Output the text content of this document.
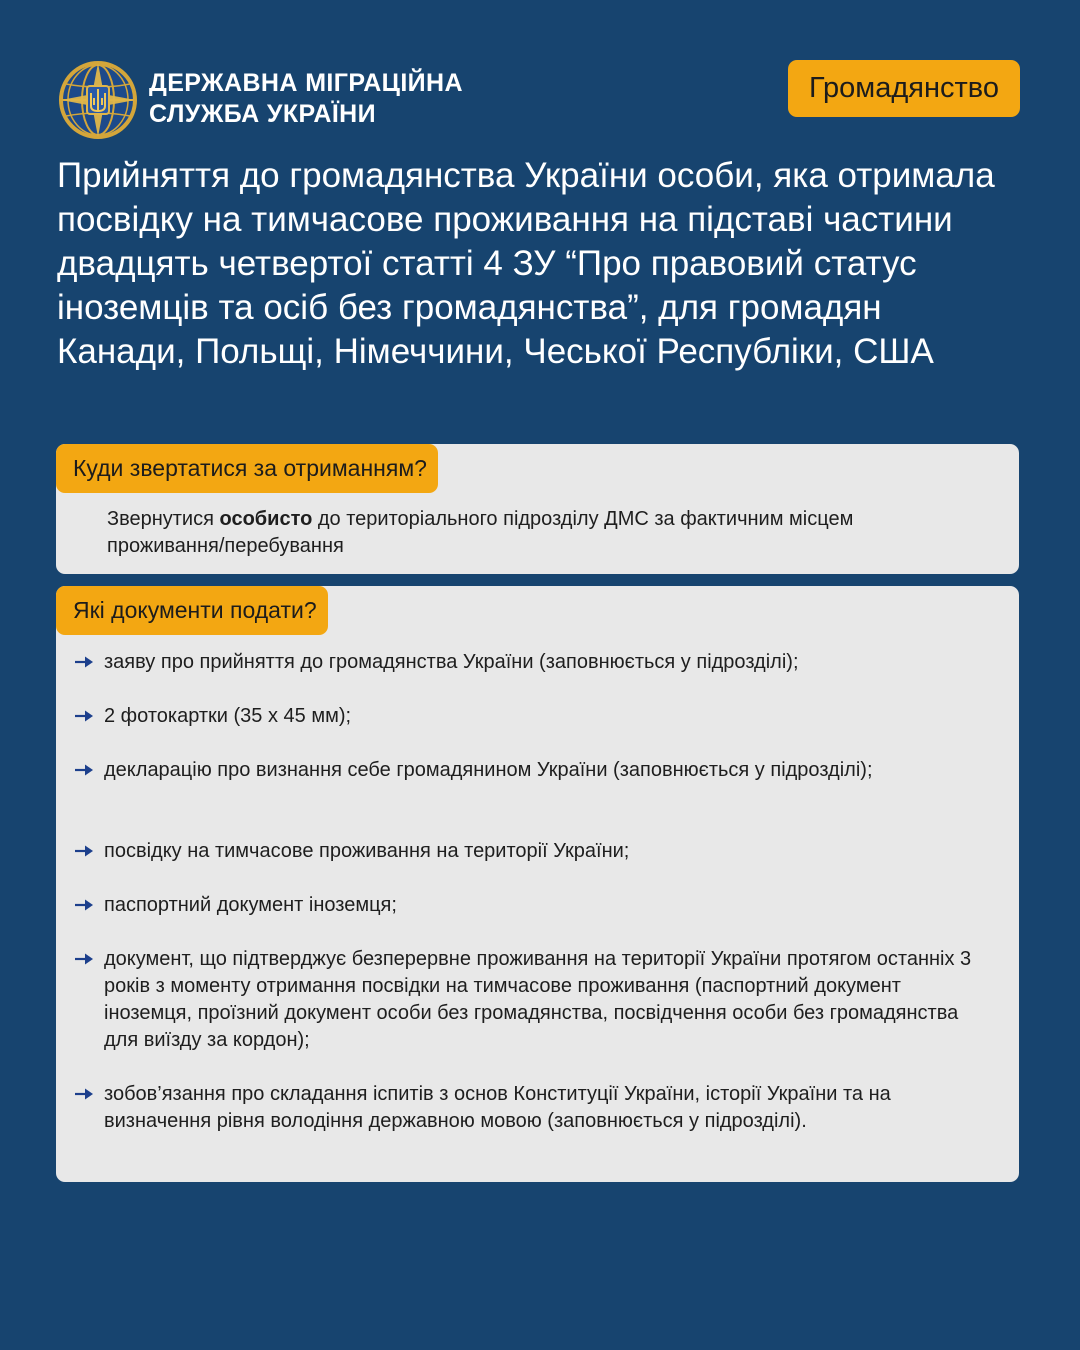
ДЕРЖАВНА МІГРАЦІЙНА
СЛУЖБА УКРАЇНИ
Громадянство
Прийняття до громадянства України особи, яка отримала посвідку на тимчасове проживання на підставі частини двадцять четвертої статті 4 ЗУ “Про правовий статус іноземців та осіб без громадянства”, для громадян Канади, Польщі, Німеччини, Чеської Республіки, США
Куди звертатися за отриманням?

Звернутися особисто до територіального підрозділу ДМС за фактичним місцем проживання/перебування

Які документи подати?
заяву про прийняття до громадянства України (заповнюється у підрозділі);
2 фотокартки (35 х 45 мм);
декларацію про визнання себе громадянином України (заповнюється у підрозділі);
посвідку на тимчасове проживання на території України;
паспортний документ іноземця;
документ, що підтверджує безперервне проживання на території України протягом останніх 3 років з моменту отримання посвідки на тимчасове проживання (паспортний документ іноземця, проїзний документ особи без громадянства, посвідчення особи без громадянства для виїзду за кордон);
зобов’язання про складання іспитів з основ Конституції України, історії України та на визначення рівня володіння державною мовою (заповнюється у підрозділі).
